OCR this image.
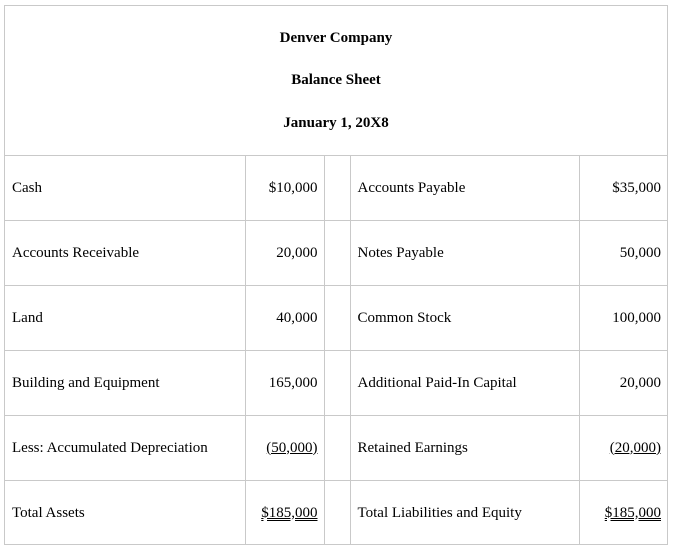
Denver Company
Balance Sheet
January 1, 20X8
Cash	$10,000		Accounts Payable	$35,000
Accounts Receivable	20,000		Notes Payable	50,000
Land	40,000		Common Stock	100,000
Building and Equipment	165,000		Additional Paid-In Capital	20,000
Less: Accumulated Depreciation	(50,000)		Retained Earnings	(20,000)
Total Assets	$185,000		Total Liabilities and Equity	$185,000
